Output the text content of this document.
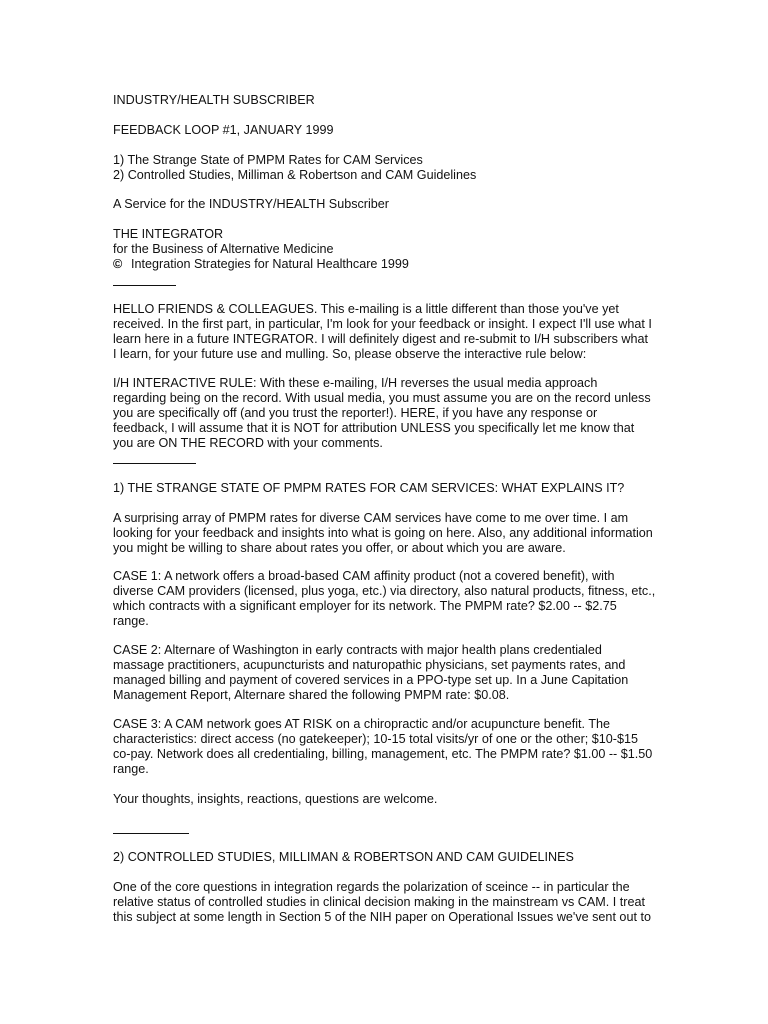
INDUSTRY/HEALTH SUBSCRIBER

FEEDBACK LOOP #1, JANUARY 1999

1) The Strange State of PMPM Rates for CAM Services

2) Controlled Studies, Milliman & Robertson and CAM Guidelines

A Service for the INDUSTRY/HEALTH Subscriber

THE INTEGRATOR

for the Business of Alternative Medicine

© Integration Strategies for Natural Healthcare 1999

HELLO FRIENDS & COLLEAGUES. This e-mailing is a little different than those you've yet

received. In the first part, in particular, I'm look for your feedback or insight. I expect I'll use what I

learn here in a future INTEGRATOR. I will definitely digest and re-submit to I/H subscribers what

I learn, for your future use and mulling. So, please observe the interactive rule below:

I/H INTERACTIVE RULE: With these e-mailing, I/H reverses the usual media approach

regarding being on the record. With usual media, you must assume you are on the record unless

you are specifically off (and you trust the reporter!). HERE, if you have any response or

feedback, I will assume that it is NOT for attribution UNLESS you specifically let me know that

you are ON THE RECORD with your comments.

1) THE STRANGE STATE OF PMPM RATES FOR CAM SERVICES: WHAT EXPLAINS IT?

A surprising array of PMPM rates for diverse CAM services have come to me over time. I am

looking for your feedback and insights into what is going on here. Also, any additional information

you might be willing to share about rates you offer, or about which you are aware.

CASE 1: A network offers a broad-based CAM affinity product (not a covered benefit), with

diverse CAM providers (licensed, plus yoga, etc.) via directory, also natural products, fitness, etc.,

which contracts with a significant employer for its network. The PMPM rate? $2.00 -- $2.75

range.

CASE 2: Alternare of Washington in early contracts with major health plans credentialed

massage practitioners, acupuncturists and naturopathic physicians, set payments rates, and

managed billing and payment of covered services in a PPO-type set up. In a June Capitation

Management Report, Alternare shared the following PMPM rate: $0.08.

CASE 3: A CAM network goes AT RISK on a chiropractic and/or acupuncture benefit. The

characteristics: direct access (no gatekeeper); 10-15 total visits/yr of one or the other; $10-$15

co-pay. Network does all credentialing, billing, management, etc. The PMPM rate? $1.00 -- $1.50

range.

Your thoughts, insights, reactions, questions are welcome.

2) CONTROLLED STUDIES, MILLIMAN & ROBERTSON AND CAM GUIDELINES

One of the core questions in integration regards the polarization of sceince -- in particular the

relative status of controlled studies in clinical decision making in the mainstream vs CAM. I treat

this subject at some length in Section 5 of the NIH paper on Operational Issues we've sent out to
